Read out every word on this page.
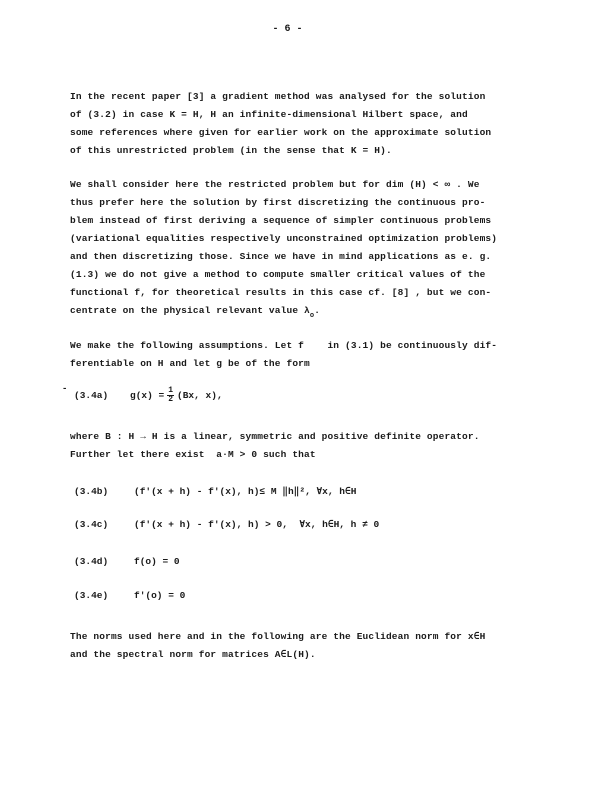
- 6 -
In the recent paper [3] a gradient method was analysed for the solution
of (3.2) in case K = H, H an infinite-dimensional Hilbert space, and
some references where given for earlier work on the approximate solution
of this unrestricted problem (in the sense that K = H).
We shall consider here the restricted problem but for dim (H) < ∞ . We
thus prefer here the solution by first discretizing the continuous pro-
blem instead of first deriving a sequence of simpler continuous problems
(variational equalities respectively unconstrained optimization problems)
and then discretizing those. Since we have in mind applications as e. g.
(1.3) we do not give a method to compute smaller critical values of the
functional f, for theoretical results in this case cf. [8] , but we con-
centrate on the physical relevant value $\lambda_o$.
We make the following assumptions. Let f    in (3.1) be continuously dif-
ferentiable on H and let g be of the form
-
(3.4a) $g(x) = \frac{1}{2} (Bx$, x),
where B : H → H is a linear, symmetric and positive definite operator.
Further let there exist  a·M > 0 such that
(3.4b)	(f'(x + h) - f'(x), h)≤ M ‖h‖², ∀x, h∈H
(3.4c)	(f'(x + h) - f'(x), h) > 0,  ∀x, h∈H, h ≠ 0
(3.4d)	f(o) = 0
(3.4e)	f'(o) = 0
The norms used here and in the following are the Euclidean norm for x∈H
and the spectral norm for matrices A∈L(H).
